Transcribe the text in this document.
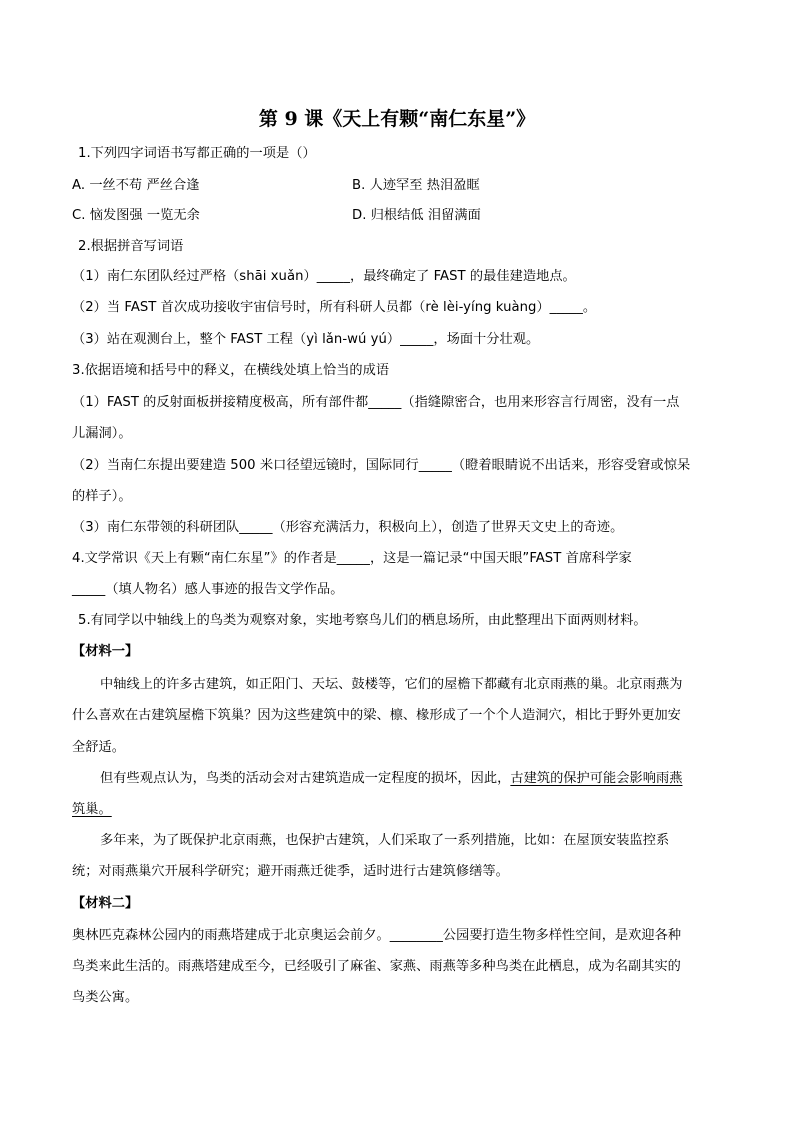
第 9 课《天上有颗“南仁东星”》
1.下列四字词语书写都正确的一项是（）
A. 一丝不苟 严丝合逢	B. 人迹罕至 热泪盈眶
C. 恼发图强 一览无余	D. 归根结低 泪留满面
2.根据拼音写词语
（1）南仁东团队经过严格（shāi xuǎn）_____，最终确定了 FAST 的最佳建造地点。
（2）当 FAST 首次成功接收宇宙信号时，所有科研人员都（rè lèi-yíng kuàng）_____。
（3）站在观测台上，整个 FAST 工程（yì lǎn-wú yú）_____，场面十分壮观。
3.依据语境和括号中的释义，在横线处填上恰当的成语
（1）FAST 的反射面板拼接精度极高，所有部件都_____（指缝隙密合，也用来形容言行周密，没有一点
儿漏洞）。
（2）当南仁东提出要建造 500 米口径望远镜时，国际同行_____（瞪着眼睛说不出话来，形容受窘或惊呆
的样子）。
（3）南仁东带领的科研团队_____（形容充满活力，积极向上），创造了世界天文史上的奇迹。
4.文学常识《天上有颗“南仁东星”》的作者是_____，这是一篇记录“中国天眼”FAST 首席科学家
_____（填人物名）感人事迹的报告文学作品。
5.有同学以中轴线上的鸟类为观察对象，实地考察鸟儿们的栖息场所，由此整理出下面两则材料。
【材料一】
中轴线上的许多古建筑，如正阳门、天坛、鼓楼等，它们的屋檐下都藏有北京雨燕的巢。北京雨燕为
什么喜欢在古建筑屋檐下筑巢？因为这些建筑中的梁、檩、椽形成了一个个人造洞穴，相比于野外更加安
全舒适。
但有些观点认为，鸟类的活动会对古建筑造成一定程度的损坏，因此，古建筑的保护可能会影响雨燕
筑巢。
多年来，为了既保护北京雨燕，也保护古建筑，人们采取了一系列措施，比如：在屋顶安装监控系
统；对雨燕巢穴开展科学研究；避开雨燕迁徙季，适时进行古建筑修缮等。
【材料二】
奥林匹克森林公园内的雨燕塔建成于北京奥运会前夕。________公园要打造生物多样性空间，是欢迎各种
鸟类来此生活的。雨燕塔建成至今，已经吸引了麻雀、家燕、雨燕等多种鸟类在此栖息，成为名副其实的
鸟类公寓。
